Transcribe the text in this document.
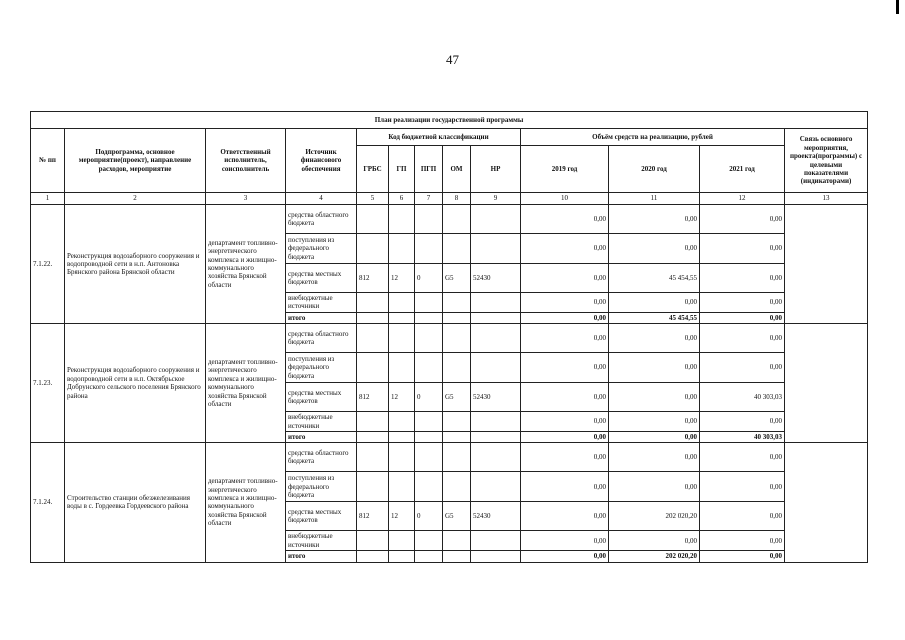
47
План реализации государственной программы												
№ пп	Подпрограмма, основное мероприятие(проект), направление расходов, мероприятие	Ответственный исполнитель, соисполнитель	Источник финансового обеспечения	Код бюджетной классификации					Объём средств на реализацию, рублей			Связь основного мероприятия, проекта(программы) с целевыми показателями (индикаторами)
				ГРБС	ГП	ПГП	ОМ	НР	2019 год	2020 год	2021 год	
1	2	3	4	5	6	7	8	9	10	11	12	13
7.1.22.	Реконструкция водозаборного сооружения и водопроводной сети в н.п. Антоновка Брянского района Брянской области	департамент топливно-энергетического комплекса и жилищно-коммунального хозяйства Брянской области	средства областного бюджета						0,00	0,00	0,00	
			поступления из федерального бюджета						0,00	0,00	0,00	
			средства местных бюджетов	812	12	0	G5	52430	0,00	45 454,55	0,00	
			внебюджетные источники						0,00	0,00	0,00	
			итого						0,00	45 454,55	0,00	
7.1.23.	Реконструкция водозаборного сооружения и водопроводной сети в н.п. Октябрьское Добрунского сельского поселения Брянского района	департамент топливно-энергетического комплекса и жилищно-коммунального хозяйства Брянской области	средства областного бюджета						0,00	0,00	0,00	
			поступления из федерального бюджета						0,00	0,00	0,00	
			средства местных бюджетов	812	12	0	G5	52430	0,00	0,00	40 303,03	
			внебюджетные источники						0,00	0,00	0,00	
			итого						0,00	0,00	40 303,03	
7.1.24.	Строительство станции обезжелезивания воды в с. Гордеевка Гордеевского района	департамент топливно-энергетического комплекса и жилищно-коммунального хозяйства Брянской области	средства областного бюджета						0,00	0,00	0,00	
			поступления из федерального бюджета						0,00	0,00	0,00	
			средства местных бюджетов	812	12	0	G5	52430	0,00	202 020,20	0,00	
			внебюджетные источники						0,00	0,00	0,00	
			итого						0,00	202 020,20	0,00	
